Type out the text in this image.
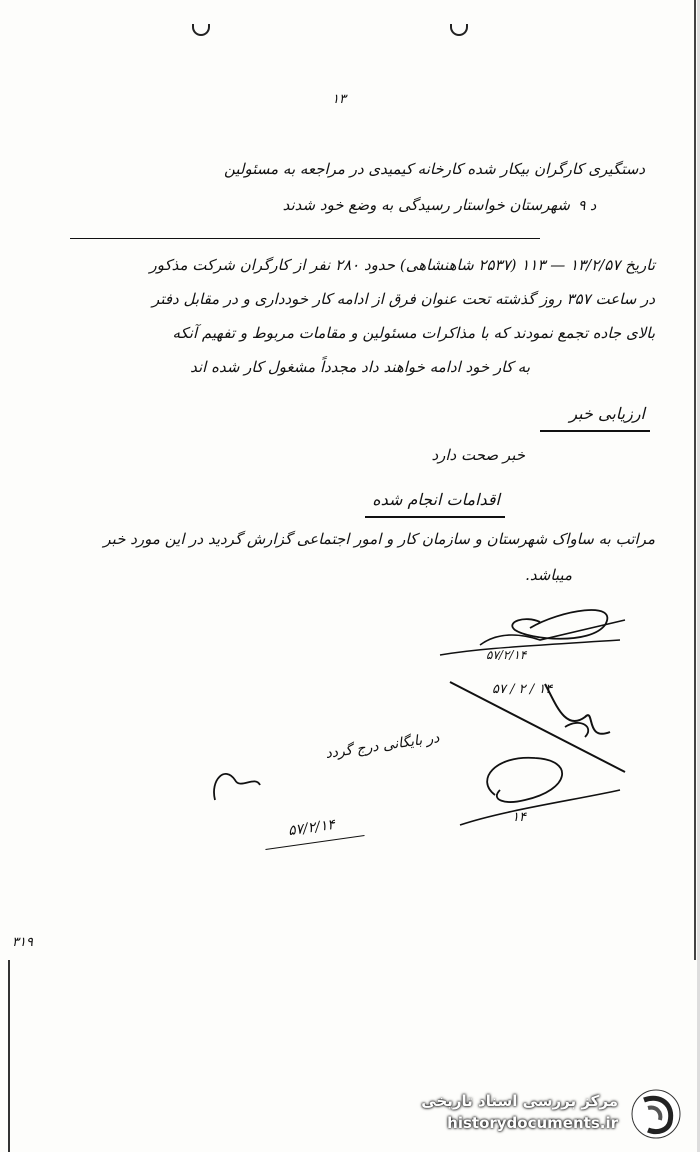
۱۳
د ۹
دستگیری کارگران بیکار شده کارخانه کیمیدی در مراجعه به مسئولین
شهرستان خواستار رسیدگی به وضع خود شدند
تاریخ ۱۳/۲/۵۷ — ۱۱۳ (۲۵۳۷ شاهنشاهی) حدود ۲۸۰ نفر از کارگران شرکت مذکور
در ساعت ۳۵۷ روز گذشته تحت عنوان فرق از ادامه کار خودداری و در مقابل دفتر
بالای جاده تجمع نمودند که با مذاکرات مسئولین و مقامات مربوط و تفهیم آنکه
به کار خود ادامه خواهند داد مجدداً مشغول کار شده اند
ارزیابی خبر
خبر صحت دارد
اقدامات انجام شده
مراتب به ساواک شهرستان و سازمان کار و امور اجتماعی گزارش گردید در این مورد خبر
میباشد.
۵۷/۲/۱۴
۱۴ / ۲ / ۵۷
۱۴
در بایگانی درج گردد
۵۷/۲/۱۴
۳۱۹
مرکز بررسی اسناد تاریخی
historydocuments.ir
